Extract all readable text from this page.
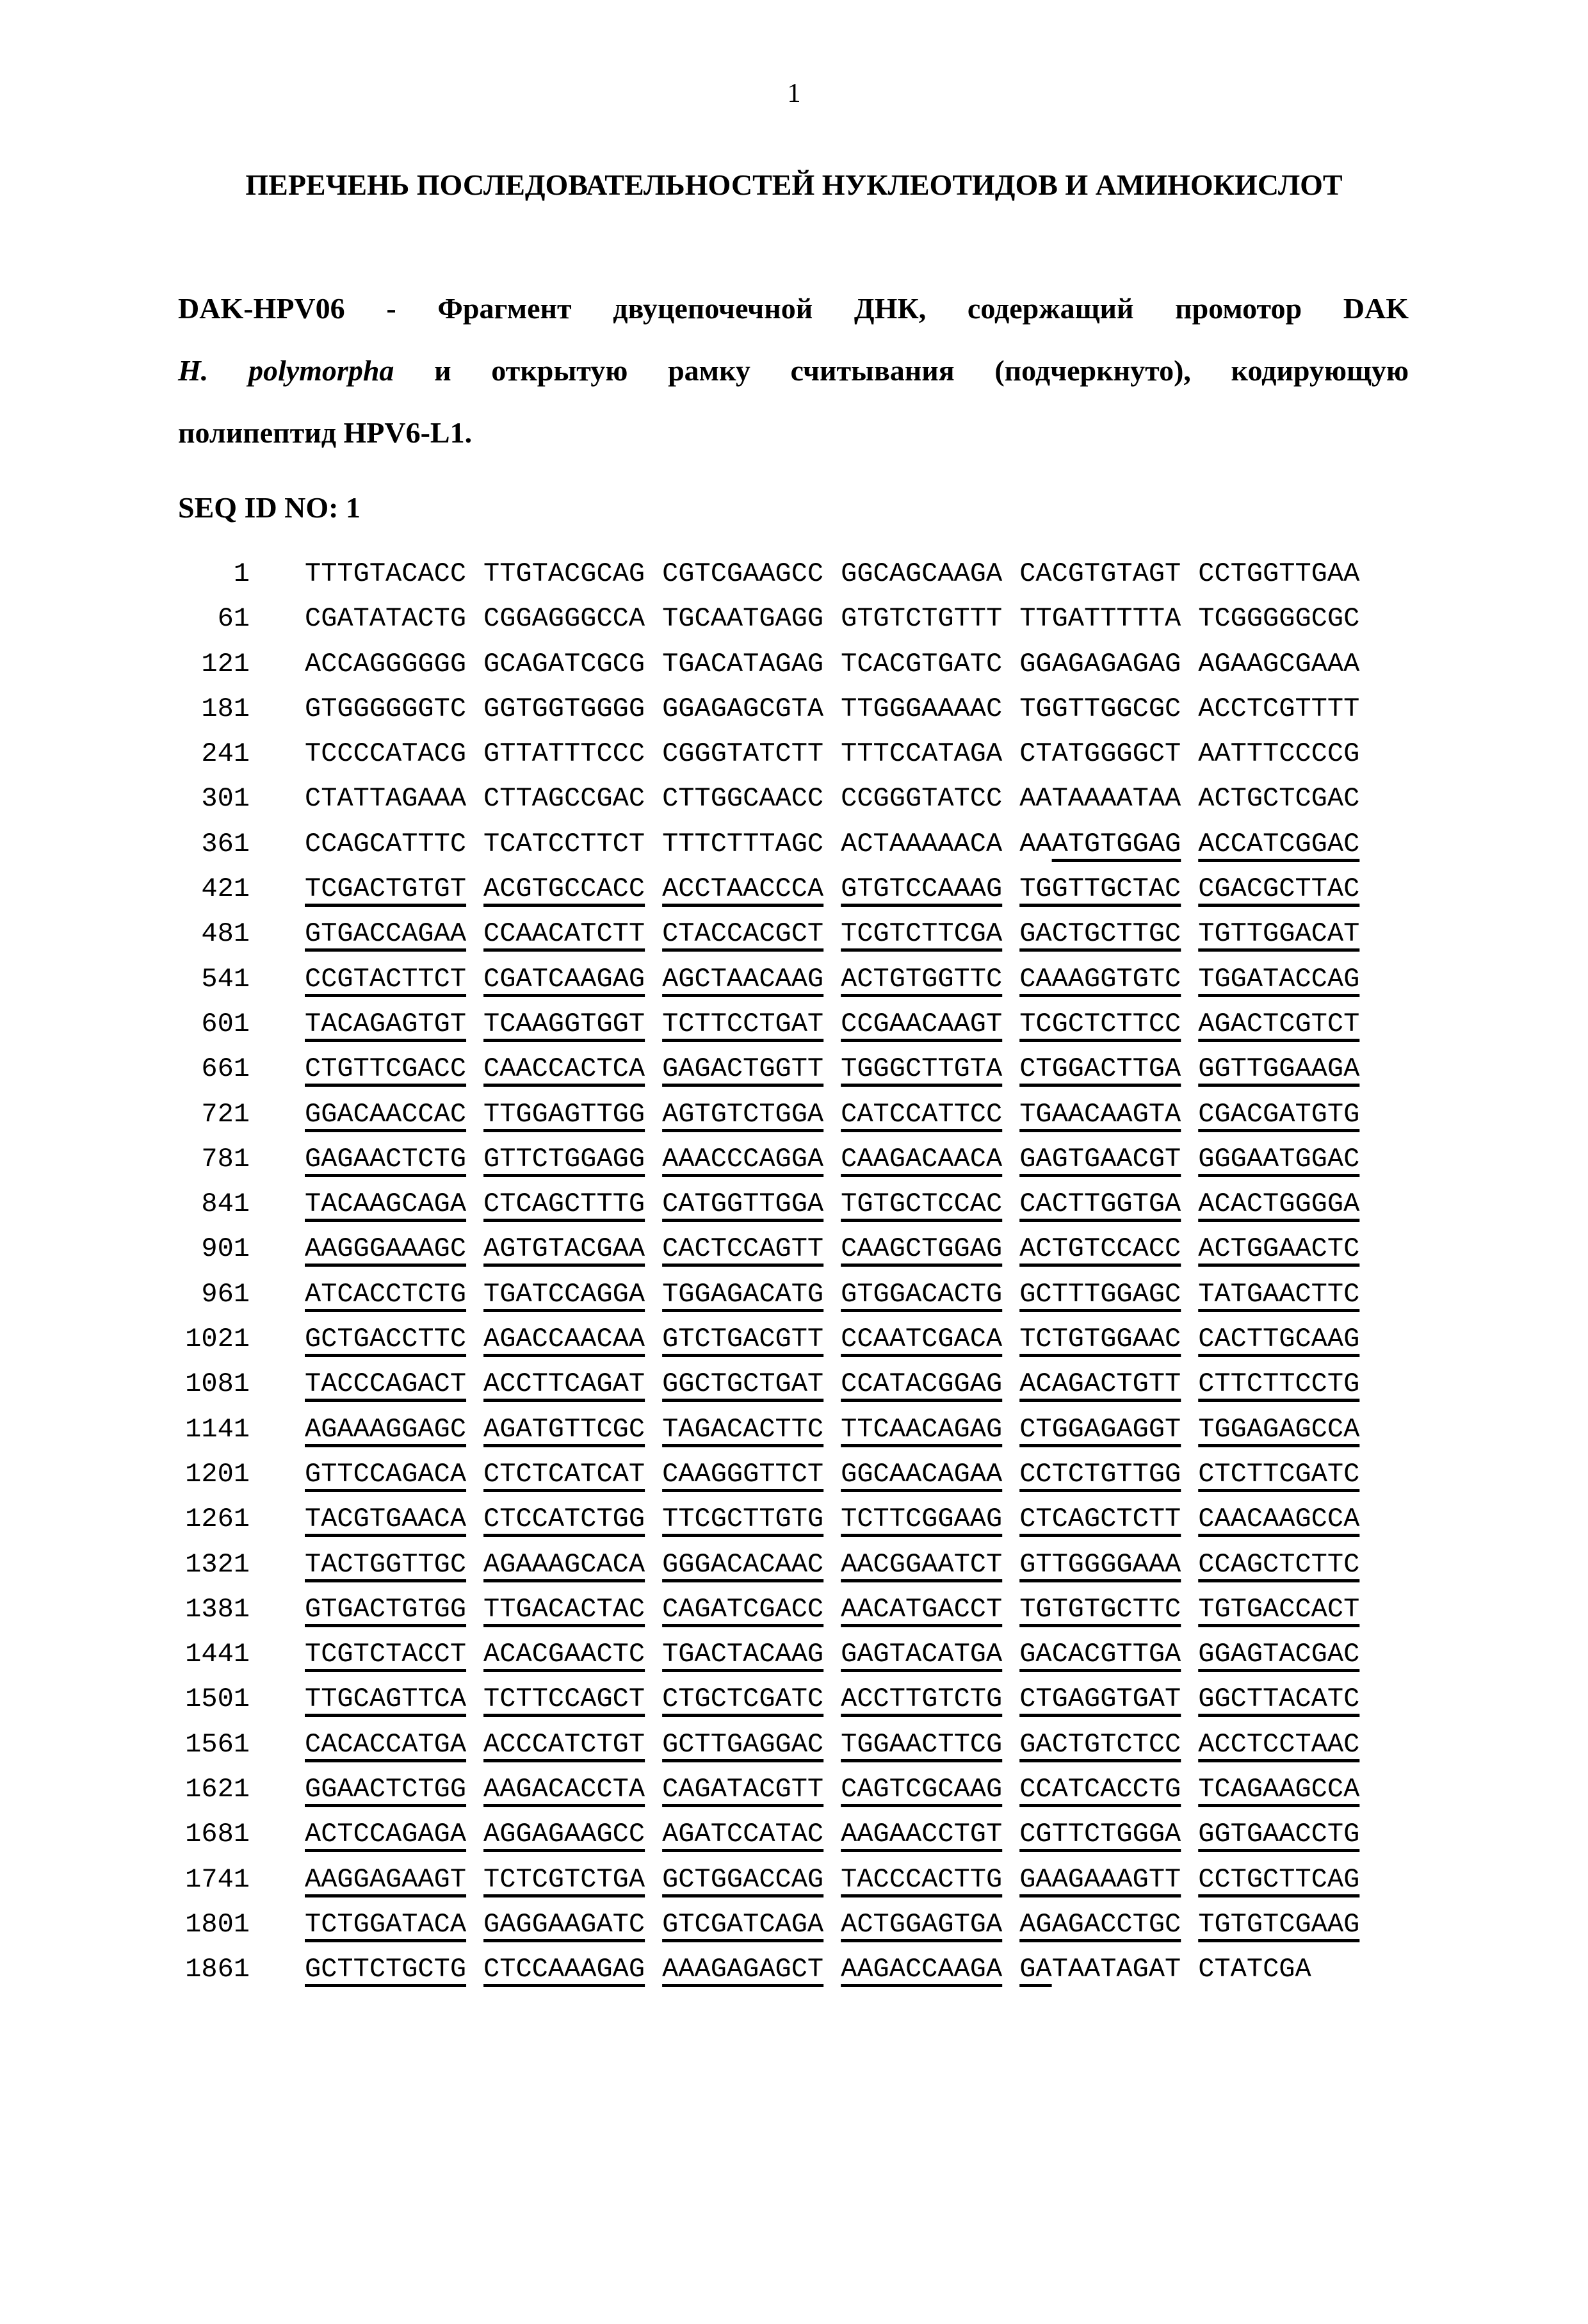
1
ПЕРЕЧЕНЬ ПОСЛЕДОВАТЕЛЬНОСТЕЙ НУКЛЕОТИДОВ И АМИНОКИСЛОТ
DAK-HPV06 - Фрагмент двуцепочечной ДНК, содержащий промотор DAK
H. polymorpha и открытую рамку считывания (подчеркнуто), кодирующую
полипептид HPV6-L1.
SEQ ID NO: 1
1 TTTGTACACC TTGTACGCAG CGTCGAAGCC GGCAGCAAGA CACGTGTAGT CCTGGTTGAA
61 CGATATACTG CGGAGGGCCA TGCAATGAGG GTGTCTGTTT TTGATTTTTA TCGGGGGCGC
121 ACCAGGGGGG GCAGATCGCG TGACATAGAG TCACGTGATC GGAGAGAGAG AGAAGCGAAA
181 GTGGGGGGTC GGTGGTGGGG GGAGAGCGTA TTGGGAAAAC TGGTTGGCGC ACCTCGTTTT
241 TCCCCATACG GTTATTTCCC CGGGTATCTT TTTCCATAGA CTATGGGGCT AATTTCCCCG
301 CTATTAGAAA CTTAGCCGAC CTTGGCAACC CCGGGTATCC AATAAAATAA ACTGCTCGAC
361 CCAGCATTTC TCATCCTTCT TTTCTTTAGC ACTAAAAACA AAATGTGGAG ACCATCGGAC
421 TCGACTGTGT ACGTGCCACC ACCTAACCCA GTGTCCAAAG TGGTTGCTAC CGACGCTTAC
481 GTGACCAGAA CCAACATCTT CTACCACGCT TCGTCTTCGA GACTGCTTGC TGTTGGACAT
541 CCGTACTTCT CGATCAAGAG AGCTAACAAG ACTGTGGTTC CAAAGGTGTC TGGATACCAG
601 TACAGAGTGT TCAAGGTGGT TCTTCCTGAT CCGAACAAGT TCGCTCTTCC AGACTCGTCT
661 CTGTTCGACC CAACCACTCA GAGACTGGTT TGGGCTTGTA CTGGACTTGA GGTTGGAAGA
721 GGACAACCAC TTGGAGTTGG AGTGTCTGGA CATCCATTCC TGAACAAGTA CGACGATGTG
781 GAGAACTCTG GTTCTGGAGG AAACCCAGGA CAAGACAACA GAGTGAACGT GGGAATGGAC
841 TACAAGCAGA CTCAGCTTTG CATGGTTGGA TGTGCTCCAC CACTTGGTGA ACACTGGGGA
901 AAGGGAAAGC AGTGTACGAA CACTCCAGTT CAAGCTGGAG ACTGTCCACC ACTGGAACTC
961 ATCACCTCTG TGATCCAGGA TGGAGACATG GTGGACACTG GCTTTGGAGC TATGAACTTC
1021 GCTGACCTTC AGACCAACAA GTCTGACGTT CCAATCGACA TCTGTGGAAC CACTTGCAAG
1081 TACCCAGACT ACCTTCAGAT GGCTGCTGAT CCATACGGAG ACAGACTGTT CTTCTTCCTG
1141 AGAAAGGAGC AGATGTTCGC TAGACACTTC TTCAACAGAG CTGGAGAGGT TGGAGAGCCA
1201 GTTCCAGACA CTCTCATCAT CAAGGGTTCT GGCAACAGAA CCTCTGTTGG CTCTTCGATC
1261 TACGTGAACA CTCCATCTGG TTCGCTTGTG TCTTCGGAAG CTCAGCTCTT CAACAAGCCA
1321 TACTGGTTGC AGAAAGCACA GGGACACAAC AACGGAATCT GTTGGGGAAA CCAGCTCTTC
1381 GTGACTGTGG TTGACACTAC CAGATCGACC AACATGACCT TGTGTGCTTC TGTGACCACT
1441 TCGTCTACCT ACACGAACTC TGACTACAAG GAGTACATGA GACACGTTGA GGAGTACGAC
1501 TTGCAGTTCA TCTTCCAGCT CTGCTCGATC ACCTTGTCTG CTGAGGTGAT GGCTTACATC
1561 CACACCATGA ACCCATCTGT GCTTGAGGAC TGGAACTTCG GACTGTCTCC ACCTCCTAAC
1621 GGAACTCTGG AAGACACCTA CAGATACGTT CAGTCGCAAG CCATCACCTG TCAGAAGCCA
1681 ACTCCAGAGA AGGAGAAGCC AGATCCATAC AAGAACCTGT CGTTCTGGGA GGTGAACCTG
1741 AAGGAGAAGT TCTCGTCTGA GCTGGACCAG TACCCACTTG GAAGAAAGTT CCTGCTTCAG
1801 TCTGGATACA GAGGAAGATC GTCGATCAGA ACTGGAGTGA AGAGACCTGC TGTGTCGAAG
1861 GCTTCTGCTG CTCCAAAGAG AAAGAGAGCT AAGACCAAGA GATAATAGAT CTATCGA
